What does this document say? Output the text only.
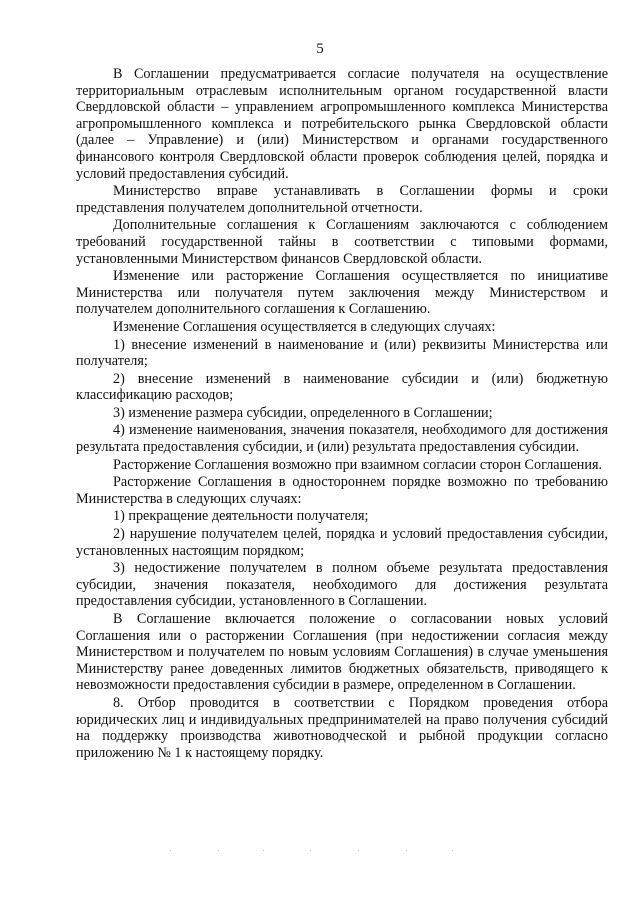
5

В Соглашении предусматривается согласие получателя на осуществление территориальным отраслевым исполнительным органом государственной власти Свердловской области – управлением агропромышленного комплекса Министерства агропромышленного комплекса и потребительского рынка Свердловской области (далее – Управление) и (или) Министерством и органами государственного финансового контроля Свердловской области проверок соблюдения целей, порядка и условий предоставления субсидий.

Министерство вправе устанавливать в Соглашении формы и сроки представления получателем дополнительной отчетности.

Дополнительные соглашения к Соглашениям заключаются с соблюдением требований государственной тайны в соответствии с типовыми формами, установленными Министерством финансов Свердловской области.

Изменение или расторжение Соглашения осуществляется по инициативе Министерства или получателя путем заключения между Министерством и получателем дополнительного соглашения к Соглашению.

Изменение Соглашения осуществляется в следующих случаях:

1) внесение изменений в наименование и (или) реквизиты Министерства или получателя;

2) внесение изменений в наименование субсидии и (или) бюджетную классификацию расходов;

3) изменение размера субсидии, определенного в Соглашении;

4) изменение наименования, значения показателя, необходимого для достижения результата предоставления субсидии, и (или) результата предоставления субсидии.

Расторжение Соглашения возможно при взаимном согласии сторон Соглашения.

Расторжение Соглашения в одностороннем порядке возможно по требованию Министерства в следующих случаях:

1) прекращение деятельности получателя;

2) нарушение получателем целей, порядка и условий предоставления субсидии, установленных настоящим порядком;

3) недостижение получателем в полном объеме результата предоставления субсидии, значения показателя, необходимого для достижения результата предоставления субсидии, установленного в Соглашении.

В Соглашение включается положение о согласовании новых условий Соглашения или о расторжении Соглашения (при недостижении согласия между Министерством и получателем по новым условиям Соглашения) в случае уменьшения Министерству ранее доведенных лимитов бюджетных обязательств, приводящего к невозможности предоставления субсидии в размере, определенном в Соглашении.

8. Отбор проводится в соответствии с Порядком проведения отбора юридических лиц и индивидуальных предпринимателей на право получения субсидий на поддержку производства животноводческой и рыбной продукции согласно приложению № 1 к настоящему порядку.
